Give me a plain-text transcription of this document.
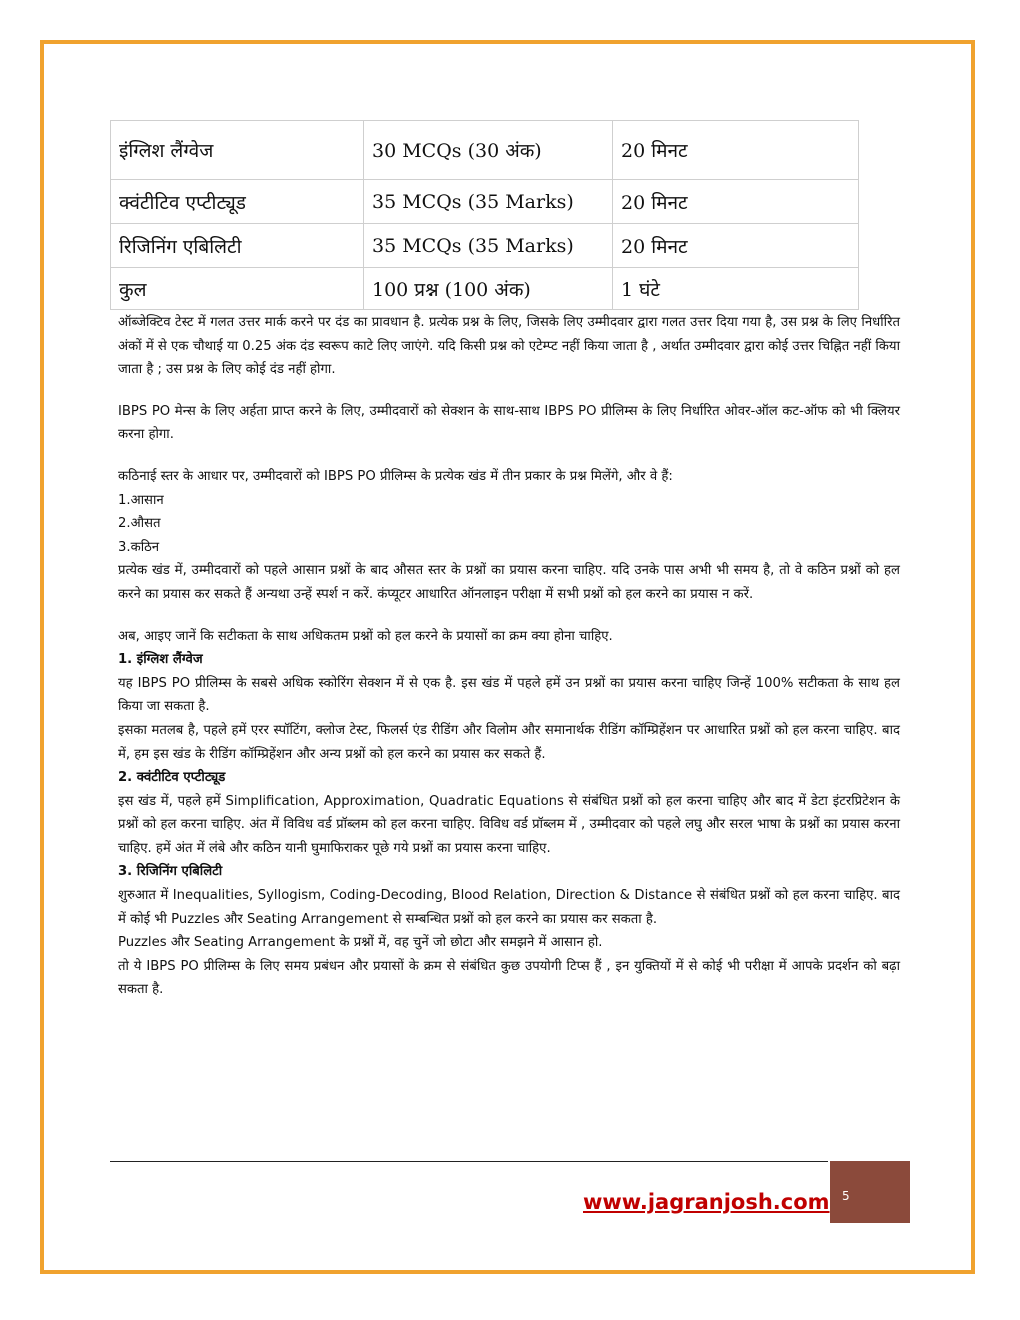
इंग्लिश लैंग्वेज	30 MCQs (30 अंक)	20 मिनट
क्वंटीटिव एप्टीट्यूड	35 MCQs (35 Marks)	20 मिनट
रिजिनिंग एबिलिटी	35 MCQs (35 Marks)	20 मिनट
कुल	100 प्रश्न (100 अंक)	1 घंटे

ऑब्जेक्टिव टेस्ट में गलत उत्तर मार्क करने पर दंड का प्रावधान है. प्रत्येक प्रश्न के लिए, जिसके लिए उम्मीदवार द्वारा गलत उत्तर दिया गया है, उस प्रश्न के लिए निर्धारित अंकों में से एक चौथाई या 0.25 अंक दंड स्वरूप काटे लिए जाएंगे. यदि किसी प्रश्न को एटेम्प्ट नहीं किया जाता है , अर्थात उम्मीदवार द्वारा कोई उत्तर चिह्नित नहीं किया जाता है ; उस प्रश्न के लिए कोई दंड नहीं होगा.

IBPS PO मेन्स के लिए अर्हता प्राप्त करने के लिए, उम्मीदवारों को सेक्शन के साथ-साथ IBPS PO प्रीलिम्स के लिए निर्धारित ओवर-ऑल कट-ऑफ को भी क्लियर करना होगा.

कठिनाई स्तर के आधार पर, उम्मीदवारों को IBPS PO प्रीलिम्स के प्रत्येक खंड में तीन प्रकार के प्रश्न मिलेंगे, और वे हैं:

1.आसान

2.औसत

3.कठिन

प्रत्येक खंड में, उम्मीदवारों को पहले आसान प्रश्नों के बाद औसत स्तर के प्रश्नों का प्रयास करना चाहिए. यदि उनके पास अभी भी समय है, तो वे कठिन प्रश्नों को हल करने का प्रयास कर सकते हैं अन्यथा उन्हें स्पर्श न करें. कंप्यूटर आधारित ऑनलाइन परीक्षा में सभी प्रश्नों को हल करने का प्रयास न करें.

अब, आइए जानें कि सटीकता के साथ अधिकतम प्रश्नों को हल करने के प्रयासों का क्रम क्या होना चाहिए.

1. इंग्लिश लैंग्वेज

यह IBPS PO प्रीलिम्स के सबसे अधिक स्कोरिंग सेक्शन में से एक है. इस खंड में पहले हमें उन प्रश्नों का प्रयास करना चाहिए जिन्हें 100% सटीकता के साथ हल किया जा सकता है.

इसका मतलब है, पहले हमें एरर स्पॉटिंग, क्लोज टेस्ट, फिलर्स एंड रीडिंग और विलोम और समानार्थक रीडिंग कॉम्प्रिहेंशन पर आधारित प्रश्नों को हल करना चाहिए. बाद में, हम इस खंड के रीडिंग कॉम्प्रिहेंशन और अन्य प्रश्नों को हल करने का प्रयास कर सकते हैं.

2. क्वंटीटिव एप्टीट्यूड

इस खंड में, पहले हमें Simplification, Approximation, Quadratic Equations से संबंधित प्रश्नों को हल करना चाहिए और बाद में डेटा इंटरप्रिटेशन के प्रश्नों को हल करना चाहिए. अंत में विविध वर्ड प्रॉब्लम को हल करना चाहिए. विविध वर्ड प्रॉब्लम में , उम्मीदवार को पहले लघु और सरल भाषा के प्रश्नों का प्रयास करना चाहिए. हमें अंत में लंबे और कठिन यानी घुमाफिराकर पूछे गये प्रश्नों का प्रयास करना चाहिए.

3. रिजिनिंग एबिलिटी

शुरुआत में Inequalities, Syllogism, Coding-Decoding, Blood Relation, Direction & Distance से संबंधित प्रश्नों को हल करना चाहिए. बाद में कोई भी Puzzles और Seating Arrangement से सम्बन्धित प्रश्नों को हल करने का प्रयास कर सकता है.

Puzzles और Seating Arrangement के प्रश्नों में, वह चुनें जो छोटा और समझने में आसान हो.

तो ये IBPS PO प्रीलिम्स के लिए समय प्रबंधन और प्रयासों के क्रम से संबंधित कुछ उपयोगी टिप्स हैं , इन युक्तियों में से कोई भी परीक्षा में आपके प्रदर्शन को बढ़ा सकता है.

www.jagranjosh.com 5
